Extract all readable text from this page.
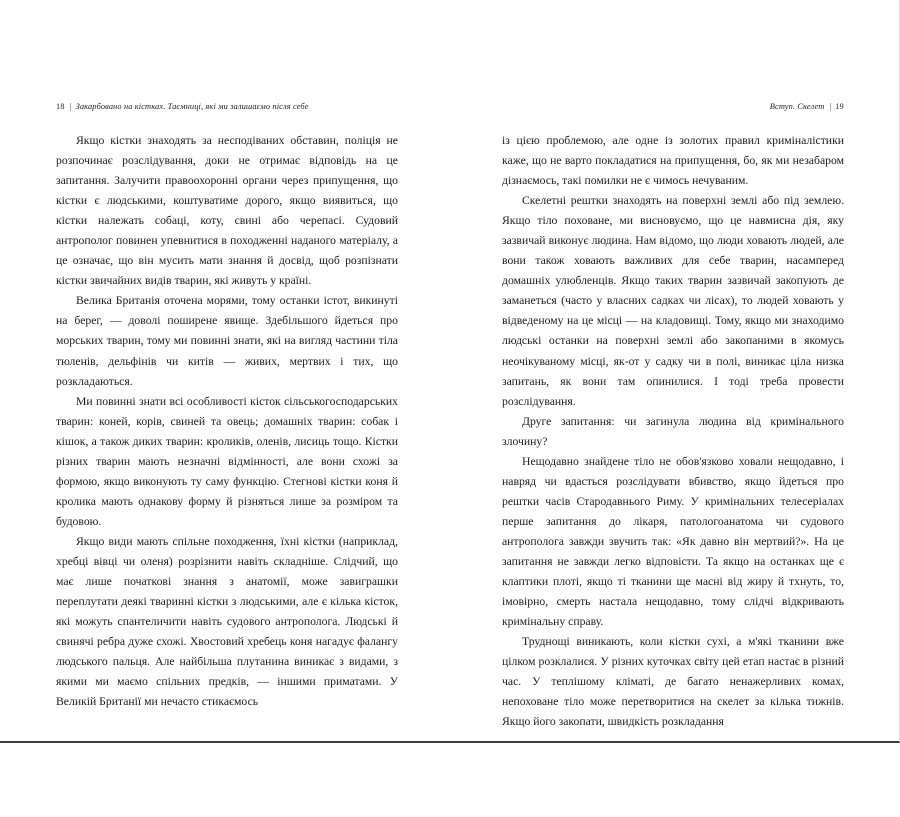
18 | Закарбовано на кістках. Таємниці, які ми залишаємо після себе

Якщо кістки знаходять за несподіваних обставин, поліція не розпочинає розслідування, доки не отримає відповідь на це запитання. Залучити правоохоронні органи через припущення, що кістки є людськими, коштуватиме дорого, якщо виявиться, що кістки належать собаці, коту, свині або черепасі. Судовий антрополог повинен упевнитися в походженні наданого матеріалу, а це означає, що він мусить мати знання й досвід, щоб розпізнати кістки звичайних видів тварин, які живуть у країні.

Велика Британія оточена морями, тому останки істот, викинуті на берег, — доволі поширене явище. Здебільшого йдеться про морських тварин, тому ми повинні знати, які на вигляд частини тіла тюленів, дельфінів чи китів — живих, мертвих і тих, що розкладаються.

Ми повинні знати всі особливості кісток сільськогосподарських тварин: коней, корів, свиней та овець; домашніх тварин: собак і кішок, а також диких тварин: кроликів, оленів, лисиць тощо. Кістки різних тварин мають незначні відмінності, але вони схожі за формою, якщо виконують ту саму функцію. Стегнові кістки коня й кролика мають однакову форму й різняться лише за розміром та будовою.

Якщо види мають спільне походження, їхні кістки (наприклад, хребці вівці чи оленя) розрізнити навіть складніше. Слідчий, що має лише початкові знання з анатомії, може завиграшки переплутати деякі тваринні кістки з людськими, але є кілька кісток, які можуть спантеличити навіть судового антрополога. Людські й свинячі ребра дуже схожі. Хвостовий хребець коня нагадує фалангу людського пальця. Але найбільша плутанина виникає з видами, з якими ми маємо спільних предків, — іншими приматами. У Великій Британії ми нечасто стикаємось

Вступ. Скелет | 19

із цією проблемою, але одне із золотих правил криміналістики каже, що не варто покладатися на припущення, бо, як ми незабаром дізнаємось, такі помилки не є чимось нечуваним.

Скелетні рештки знаходять на поверхні землі або під землею. Якщо тіло поховане, ми висновуємо, що це навмисна дія, яку зазвичай виконує людина. Нам відомо, що люди ховають людей, але вони також ховають важливих для себе тварин, насамперед домашніх улюбленців. Якщо таких тварин зазвичай закопують де заманеться (часто у власних садках чи лісах), то людей ховають у відведеному на це місці — на кладовищі. Тому, якщо ми знаходимо людські останки на поверхні землі або закопаними в якомусь неочікуваному місці, як-от у садку чи в полі, виникає ціла низка запитань, як вони там опинилися. І тоді треба провести розслідування.

Друге запитання: чи загинула людина від кримінального злочину?

Нещодавно знайдене тіло не обов'язково ховали нещодавно, і навряд чи вдасться розслідувати вбивство, якщо йдеться про рештки часів Стародавнього Риму. У кримінальних телесеріалах перше запитання до лікаря, патологоанатома чи судового антрополога завжди звучить так: «Як давно він мертвий?». На це запитання не завжди легко відповісти. Та якщо на останках ще є клаптики плоті, якщо ті тканини ще масні від жиру й тхнуть, то, імовірно, смерть настала нещодавно, тому слідчі відкривають кримінальну справу.

Труднощі виникають, коли кістки сухі, а м'які тканини вже цілком розклалися. У різних куточках світу цей етап настає в різний час. У теплішому кліматі, де багато ненажерливих комах, непоховане тіло може перетворитися на скелет за кілька тижнів. Якщо його закопати, швидкість розкладання
